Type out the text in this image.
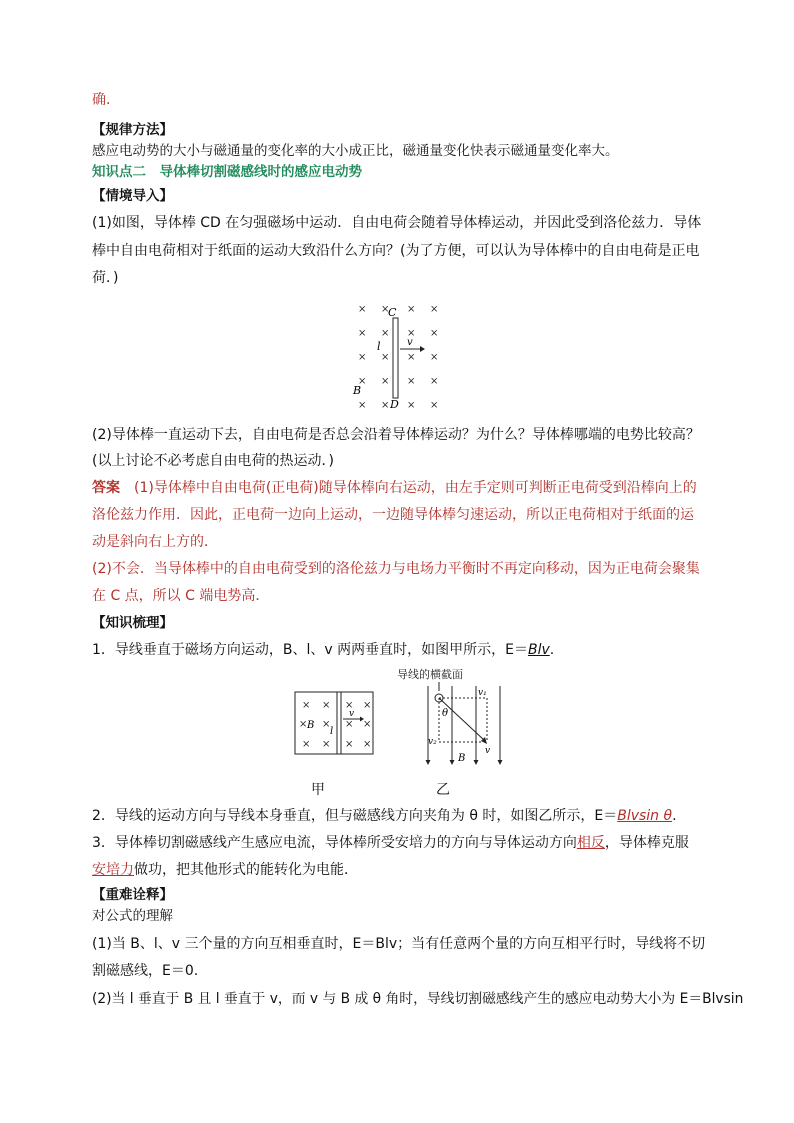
确.
【规律方法】
感应电动势的大小与磁通量的变化率的大小成正比，磁通量变化快表示磁通量变化率大。
知识点二　导体棒切割磁感线时的感应电动势
【情境导入】
(1)如图，导体棒 CD 在匀强磁场中运动．自由电荷会随着导体棒运动，并因此受到洛伦兹力．导体
棒中自由电荷相对于纸面的运动大致沿什么方向？(为了方便，可以认为导体棒中的自由电荷是正电
荷．)
× × × ×
× × × ×
× × × ×
× × × ×
× × × ×
C
D
l	v
B
(2)导体棒一直运动下去，自由电荷是否总会沿着导体棒运动？为什么？导体棒哪端的电势比较高？
(以上讨论不必考虑自由电荷的热运动．)
答案　(1)导体棒中自由电荷(正电荷)随导体棒向右运动，由左手定则可判断正电荷受到沿棒向上的
洛伦兹力作用．因此，正电荷一边向上运动，一边随导体棒匀速运动，所以正电荷相对于纸面的运
动是斜向右上方的．
(2)不会．当导体棒中的自由电荷受到的洛伦兹力与电场力平衡时不再定向移动，因为正电荷会聚集
在 C 点，所以 C 端电势高．
【知识梳理】
1．导线垂直于磁场方向运动，B、l、v 两两垂直时，如图甲所示，E＝Blv.
× × × ×
× × × ×
× × × ×
B
l
v
导线的横截面
v₁
v₂
v
θ
B
甲	乙
2．导线的运动方向与导线本身垂直，但与磁感线方向夹角为 θ 时，如图乙所示，E＝Blvsin θ.
3．导体棒切割磁感线产生感应电流，导体棒所受安培力的方向与导体运动方向相反，导体棒克服
安培力做功，把其他形式的能转化为电能．
【重难诠释】
对公式的理解
(1)当 B、l、v 三个量的方向互相垂直时，E＝Blv；当有任意两个量的方向互相平行时，导线将不切
割磁感线，E＝0.
(2)当 l 垂直于 B 且 l 垂直于 v，而 v 与 B 成 θ 角时，导线切割磁感线产生的感应电动势大小为 E＝Blvsin
